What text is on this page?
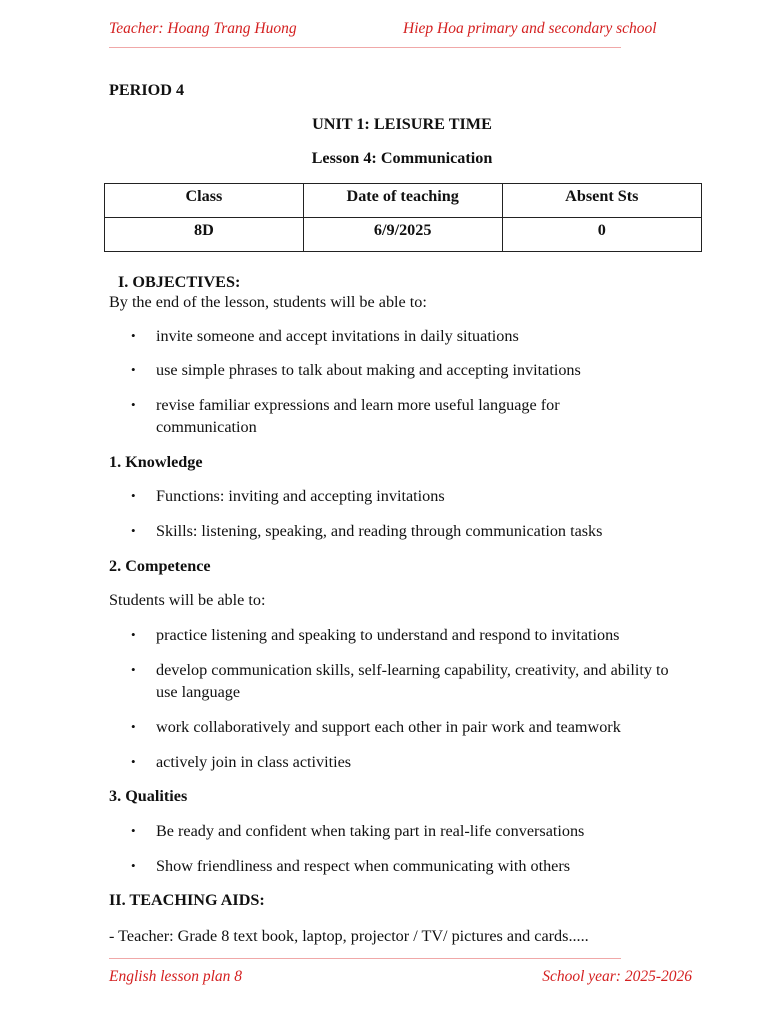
Teacher: Hoang Trang Huong	Hiep Hoa primary and secondary school
PERIOD 4
UNIT 1: LEISURE TIME
Lesson 4: Communication
I. OBJECTIVES:
By the end of the lesson, students will be able to:
• invite someone and accept invitations in daily situations
• use simple phrases to talk about making and accepting invitations
• revise familiar expressions and learn more useful language for communication
1. Knowledge
• Functions: inviting and accepting invitations
• Skills: listening, speaking, and reading through communication tasks
2. Competence
Students will be able to:
• practice listening and speaking to understand and respond to invitations
• develop communication skills, self-learning capability, creativity, and ability to use language
• work collaboratively and support each other in pair work and teamwork
• actively join in class activities
3. Qualities
• Be ready and confident when taking part in real-life conversations
• Show friendliness and respect when communicating with others
II. TEACHING AIDS:
- Teacher: Grade 8 text book, laptop, projector / TV/ pictures and cards.....
Class	Date of teaching	Absent Sts

8D	6/9/2025	0
English lesson plan 8	School year: 2025-2026
